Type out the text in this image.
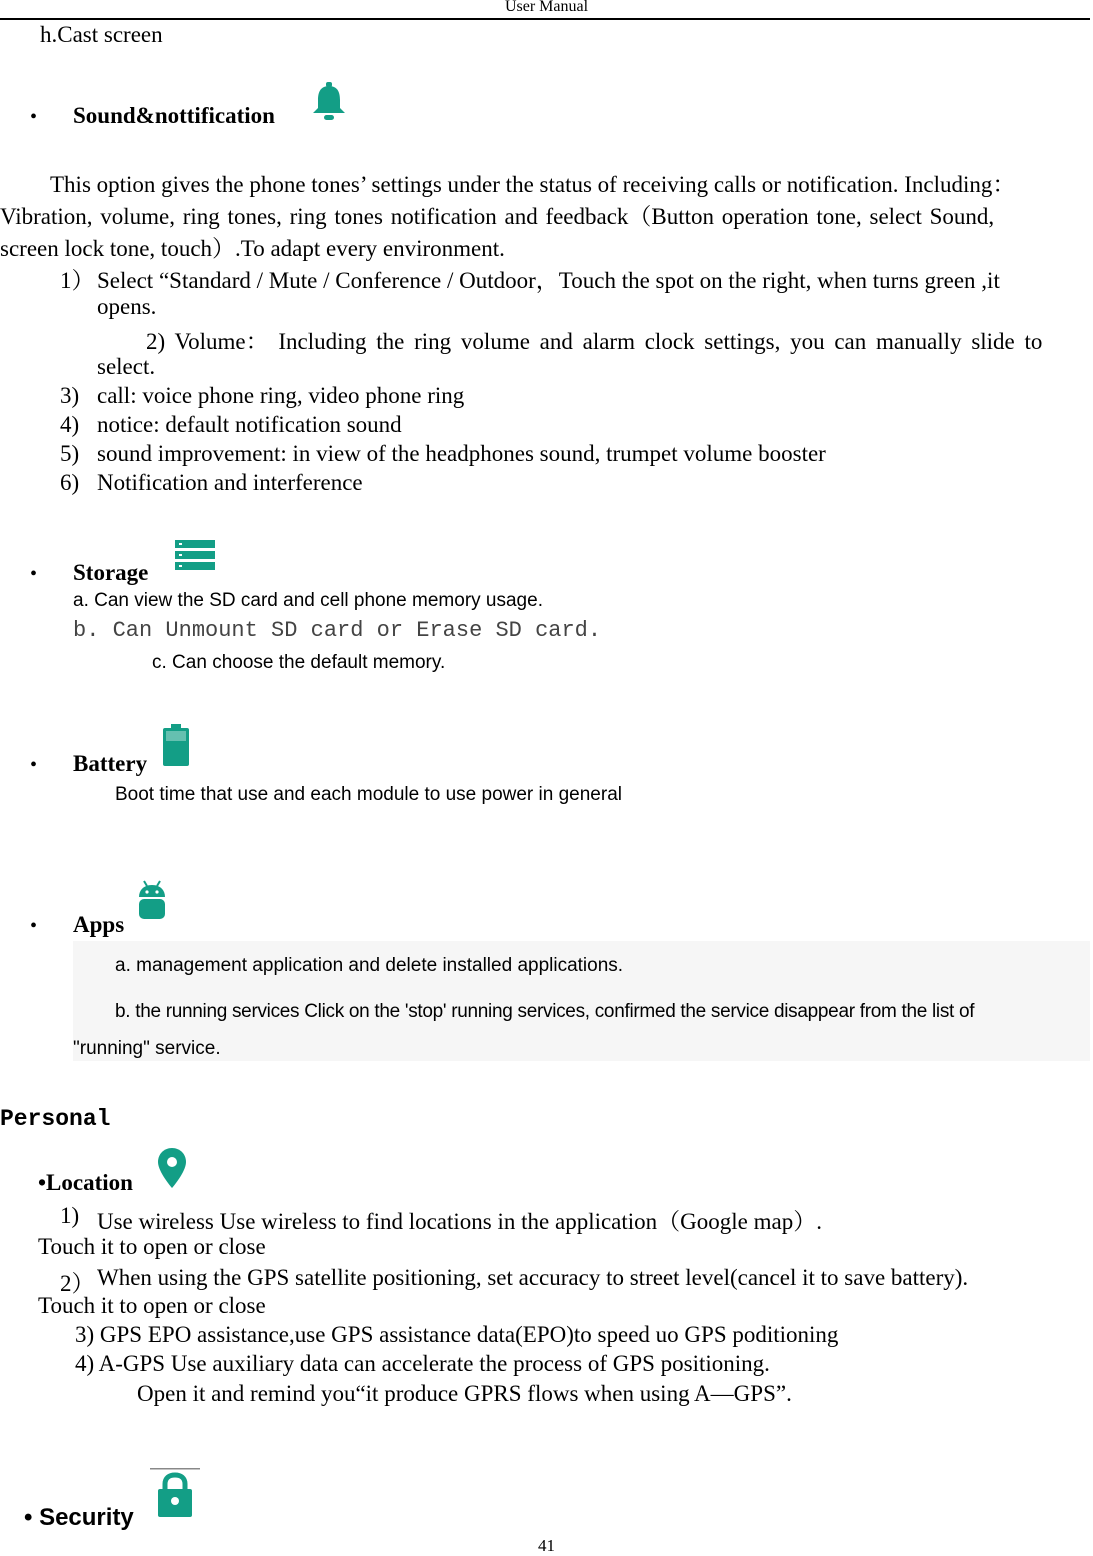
User Manual
h.Cast screen
• Sound&nottification
This option gives the phone tones’ settings under the status of receiving calls or notification. Including：
Vibration, volume, ring tones, ring tones notification and feedback（Button operation tone, select Sound,
screen lock tone, touch）.To adapt every environment.
1） Select “Standard / Mute / Conference / Outdoor，Touch the spot on the right, when turns green ,it
opens.
2) Volume： Including the ring volume and alarm clock settings, you can manually slide to
select.
3) call: voice phone ring, video phone ring
4) notice: default notification sound
5) sound improvement: in view of the headphones sound, trumpet volume booster
6) Notification and interference
• Storage
a. Can view the SD card and cell phone memory usage.
b. Can Unmount SD card or Erase SD card.
c. Can choose the default memory.
• Battery
Boot time that use and each module to use power in general
• Apps
a. management application and delete installed applications.
b. the running services Click on the 'stop' running services, confirmed the service disappear from the list of
"running" service.
Personal
•Location
1) Use wireless Use wireless to find locations in the application（Google map）.
Touch it to open or close
2） When using the GPS satellite positioning, set accuracy to street level(cancel it to save battery).
Touch it to open or close
3) GPS EPO assistance,use GPS assistance data(EPO)to speed uo GPS poditioning
4) A-GPS Use auxiliary data can accelerate the process of GPS positioning.
Open it and remind you“it produce GPRS flows when using A—GPS”.
• Security
41
